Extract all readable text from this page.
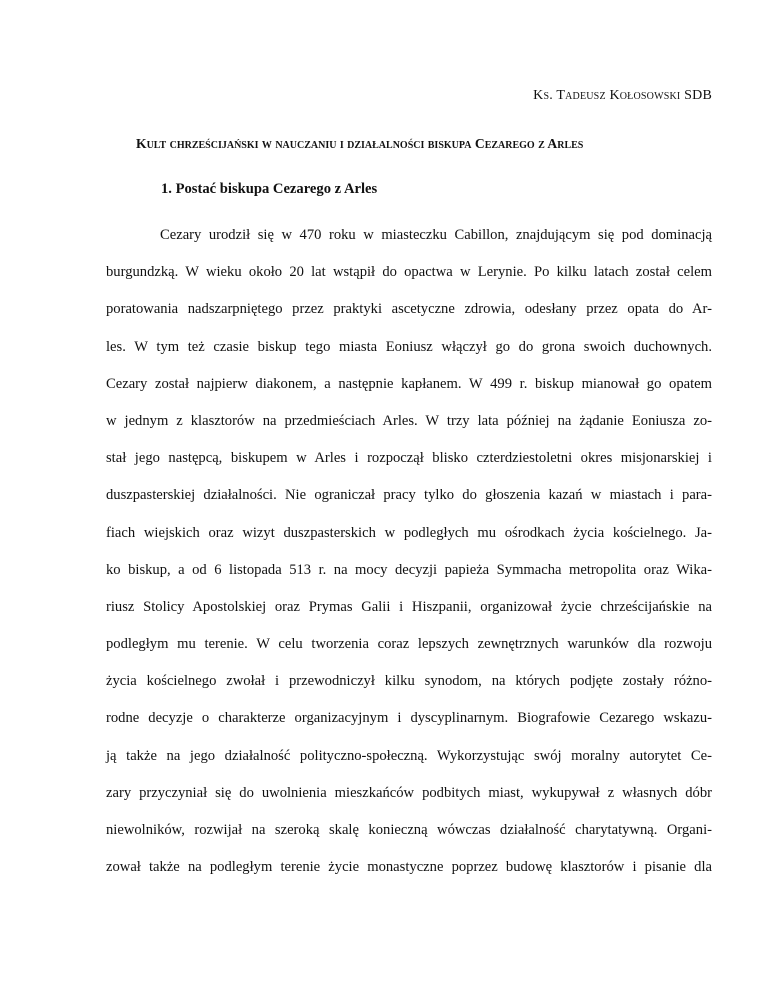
Ks. Tadeusz Kołosowski SDB
Kult chrześcijański w nauczaniu i działalności biskupa Cezarego z Arles
1. Postać biskupa Cezarego z Arles
Cezary urodził się w 470 roku w miasteczku Cabillon, znajdującym się pod dominacją
burgundzką. W wieku około 20 lat wstąpił do opactwa w Lerynie. Po kilku latach został celem
poratowania nadszarpniętego przez praktyki ascetyczne zdrowia, odesłany przez opata do Ar-
les. W tym też czasie biskup tego miasta Eoniusz włączył go do grona swoich duchownych.
Cezary został najpierw diakonem, a następnie kapłanem. W 499 r. biskup mianował go opatem
w jednym z klasztorów na przedmieściach Arles. W trzy lata później na żądanie Eoniusza zo-
stał jego następcą, biskupem w Arles i rozpoczął blisko czterdziestoletni okres misjonarskiej i
duszpasterskiej działalności. Nie ograniczał pracy tylko do głoszenia kazań w miastach i para-
fiach wiejskich oraz wizyt duszpasterskich w podległych mu ośrodkach życia kościelnego. Ja-
ko biskup, a od 6 listopada 513 r. na mocy decyzji papieża Symmacha metropolita oraz Wika-
riusz Stolicy Apostolskiej oraz Prymas Galii i Hiszpanii, organizował życie chrześcijańskie na
podległym mu terenie. W celu tworzenia coraz lepszych zewnętrznych warunków dla rozwoju
życia kościelnego zwołał i przewodniczył kilku synodom, na których podjęte zostały różno-
rodne decyzje o charakterze organizacyjnym i dyscyplinarnym. Biografowie Cezarego wskazu-
ją także na jego działalność polityczno-społeczną. Wykorzystując swój moralny autorytet Ce-
zary przyczyniał się do uwolnienia mieszkańców podbitych miast, wykupywał z własnych dóbr
niewolników, rozwijał na szeroką skalę konieczną wówczas działalność charytatywną. Organi-
zował także na podległym terenie życie monastyczne poprzez budowę klasztorów i pisanie dla
